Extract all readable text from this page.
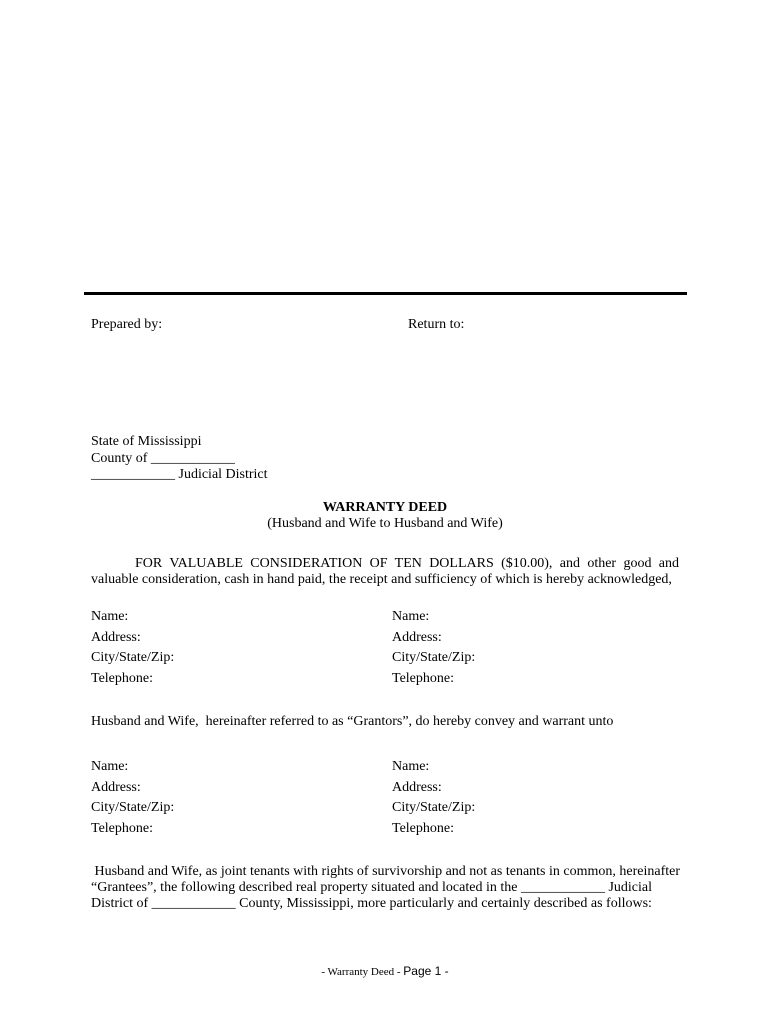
Prepared by:	Return to:
State of Mississippi
County of ____________
____________ Judicial District
WARRANTY DEED
(Husband and Wife to Husband and Wife)
FOR VALUABLE CONSIDERATION OF TEN DOLLARS ($10.00), and other good and
valuable consideration, cash in hand paid, the receipt and sufficiency of which is hereby acknowledged,
Name:
Address:
City/State/Zip:
Telephone:
Name:
Address:
City/State/Zip:
Telephone:
Husband and Wife,  hereinafter referred to as “Grantors”, do hereby convey and warrant unto
Name:
Address:
City/State/Zip:
Telephone:
Name:
Address:
City/State/Zip:
Telephone:
Husband and Wife, as joint tenants with rights of survivorship and not as tenants in common, hereinafter
“Grantees”, the following described real property situated and located in the ____________ Judicial
District of ____________ County, Mississippi, more particularly and certainly described as follows:
- Warranty Deed - Page 1 -
